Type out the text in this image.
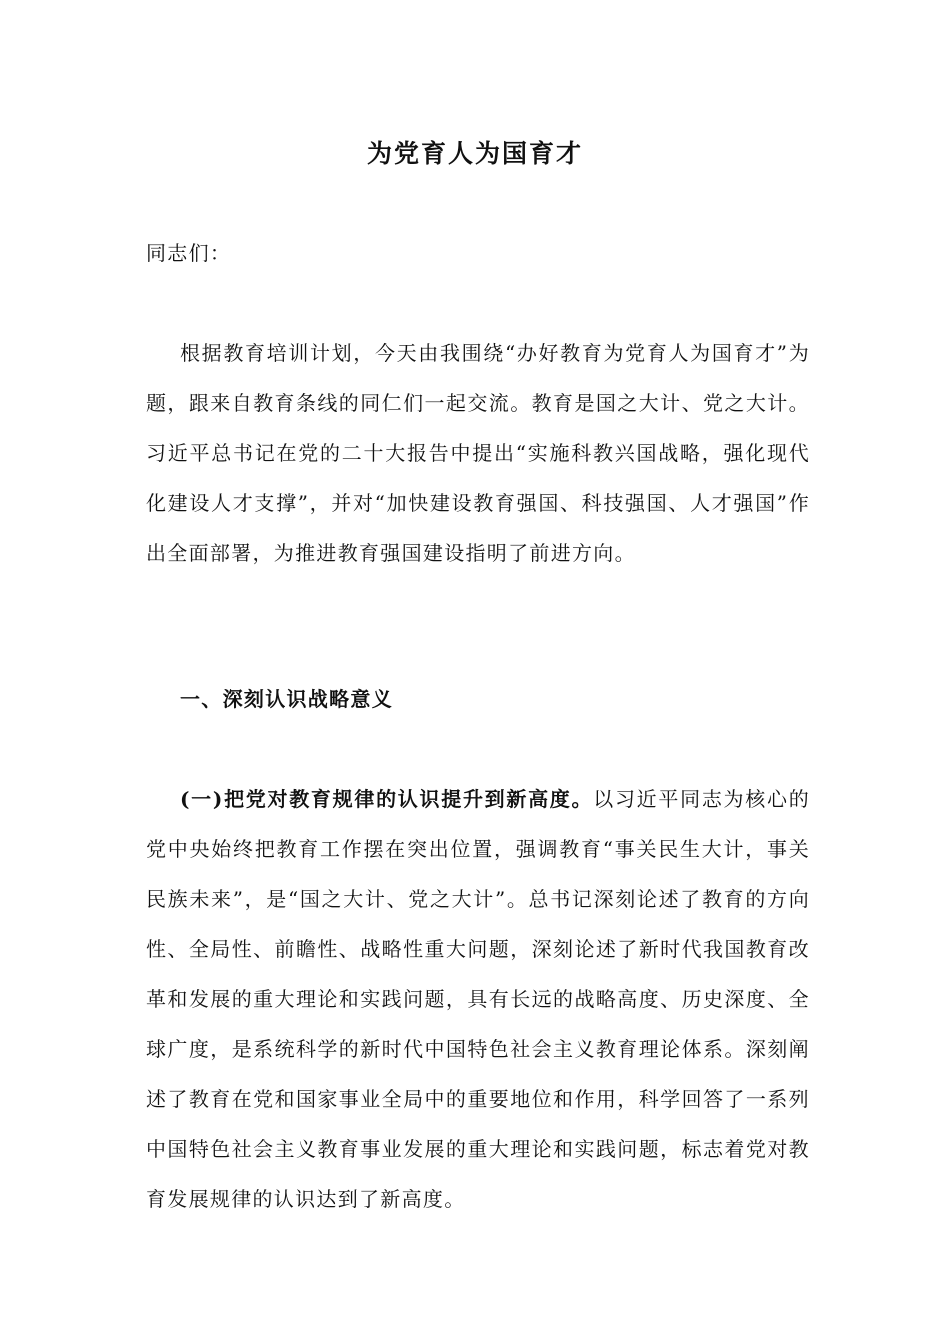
为党育人为国育才

同志们：

根据教育培训计划，今天由我围绕“办好教育为党育人为国育才”为题，跟来自教育条线的同仁们一起交流。教育是国之大计、党之大计。习近平总书记在党的二十大报告中提出“实施科教兴国战略，强化现代化建设人才支撑”，并对“加快建设教育强国、科技强国、人才强国”作出全面部署，为推进教育强国建设指明了前进方向。

一、深刻认识战略意义

(一)把党对教育规律的认识提升到新高度。以习近平同志为核心的党中央始终把教育工作摆在突出位置，强调教育“事关民生大计，事关民族未来”，是“国之大计、党之大计”。总书记深刻论述了教育的方向性、全局性、前瞻性、战略性重大问题，深刻论述了新时代我国教育改革和发展的重大理论和实践问题，具有长远的战略高度、历史深度、全球广度，是系统科学的新时代中国特色社会主义教育理论体系。深刻阐述了教育在党和国家事业全局中的重要地位和作用，科学回答了一系列中国特色社会主义教育事业发展的重大理论和实践问题，标志着党对教育发展规律的认识达到了新高度。
